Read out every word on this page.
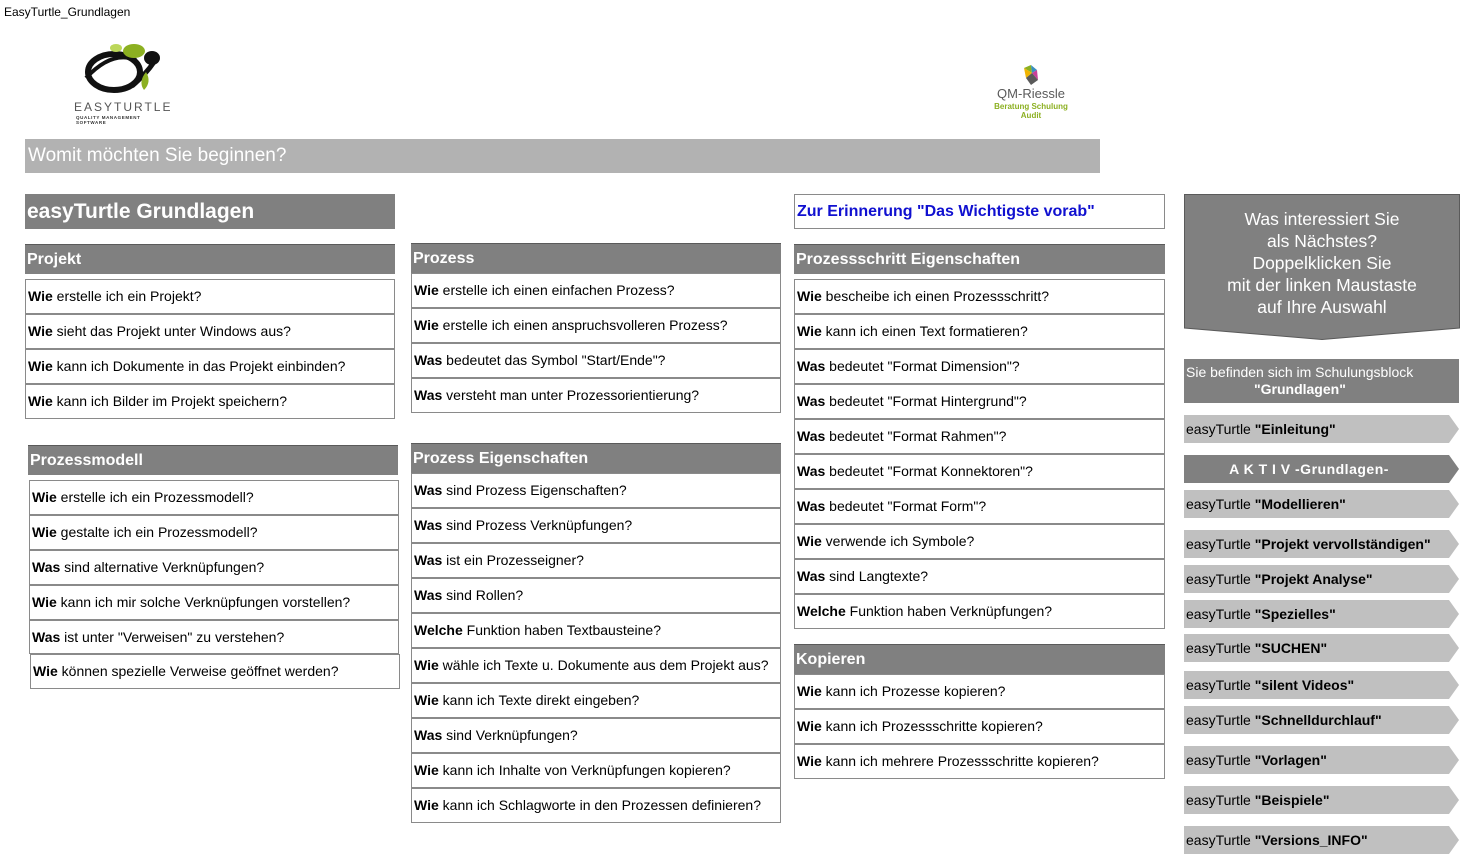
EasyTurtle_Grundlagen
EASYTURTLE
QUALITY MANAGEMENT SOFTWARE
QM-Riessle
Beratung Schulung Audit
Womit möchten Sie beginnen?
easyTurtle Grundlagen	Zur Erinnerung "Das Wichtigste vorab"
Projekt
Wie erstelle ich ein Projekt?
Wie sieht das Projekt unter Windows aus?
Wie kann ich Dokumente in das Projekt einbinden?
Wie kann ich Bilder im Projekt speichern?
Prozessmodell
Wie erstelle ich ein Prozessmodell?
Wie gestalte ich ein Prozessmodell?
Was sind alternative Verknüpfungen?
Wie kann ich mir solche Verknüpfungen vorstellen?
Was ist unter "Verweisen" zu verstehen?
Wie können spezielle Verweise geöffnet werden?
Prozess
Wie erstelle ich einen einfachen Prozess?
Wie erstelle ich einen anspruchsvolleren Prozess?
Was bedeutet das Symbol "Start/Ende"?
Was versteht man unter Prozessorientierung?
Prozess Eigenschaften
Was sind Prozess Eigenschaften?
Was sind Prozess Verknüpfungen?
Was ist ein Prozesseigner?
Was sind Rollen?
Welche Funktion haben Textbausteine?
Wie wähle ich Texte u. Dokumente aus dem Projekt aus?
Wie kann ich Texte direkt eingeben?
Was sind Verknüpfungen?
Wie kann ich Inhalte von Verknüpfungen kopieren?
Wie kann ich Schlagworte in den Prozessen definieren?
Prozessschritt Eigenschaften
Wie bescheibe ich einen Prozessschritt?
Wie kann ich einen Text formatieren?
Was bedeutet "Format Dimension"?
Was bedeutet "Format Hintergrund"?
Was bedeutet "Format Rahmen"?
Was bedeutet "Format Konnektoren"?
Was bedeutet "Format Form"?
Wie verwende ich Symbole?
Was sind Langtexte?
Welche Funktion haben Verknüpfungen?
Kopieren
Wie kann ich Prozesse kopieren?
Wie kann ich Prozessschritte kopieren?
Wie kann ich mehrere Prozessschritte kopieren?
Was interessiert Sie
als Nächstes?
Doppelklicken Sie
mit der linken Maustaste
auf Ihre Auswahl
Sie befinden sich im Schulungsblock
"Grundlagen"
easyTurtle "Einleitung"
A K T I V -Grundlagen-
easyTurtle "Modellieren"
easyTurtle "Projekt vervollständigen"
easyTurtle "Projekt Analyse"
easyTurtle "Spezielles"
easyTurtle "SUCHEN"
easyTurtle "silent Videos"
easyTurtle "Schnelldurchlauf"
easyTurtle "Vorlagen"
easyTurtle "Beispiele"
easyTurtle "Versions_INFO"
